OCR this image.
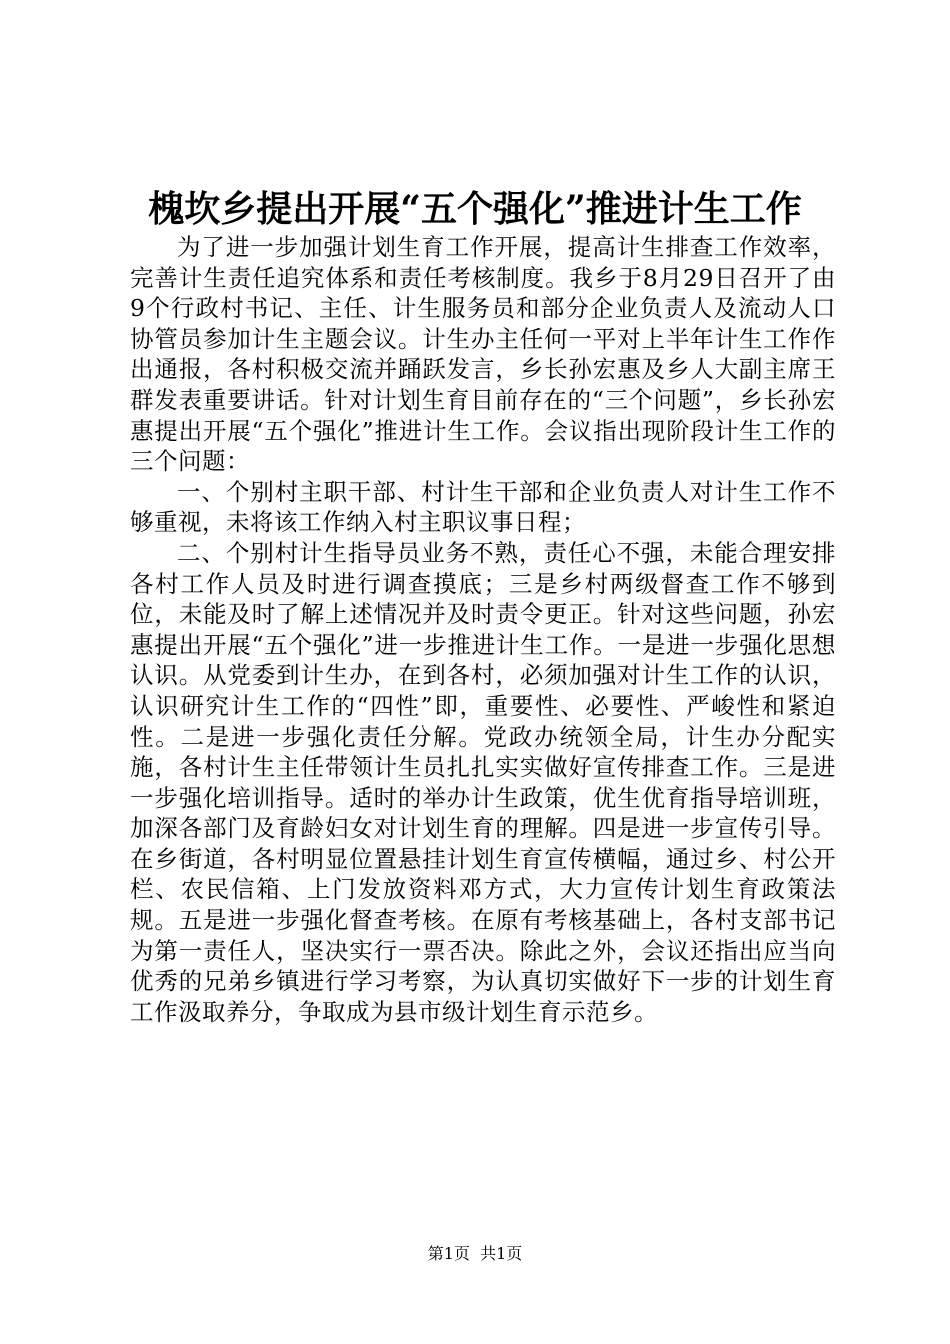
槐坎乡提出开展“五个强化”推进计生工作

为了进一步加强计划生育工作开展，提高计生排查工作效率，完善计生责任追究体系和责任考核制度。我乡于8月29日召开了由9个行政村书记、主任、计生服务员和部分企业负责人及流动人口协管员参加计生主题会议。计生办主任何一平对上半年计生工作作出通报，各村积极交流并踊跃发言，乡长孙宏惠及乡人大副主席王群发表重要讲话。针对计划生育目前存在的“三个问题”，乡长孙宏惠提出开展“五个强化”推进计生工作。会议指出现阶段计生工作的三个问题：

一、个别村主职干部、村计生干部和企业负责人对计生工作不够重视，未将该工作纳入村主职议事日程；

二、个别村计生指导员业务不熟，责任心不强，未能合理安排各村工作人员及时进行调查摸底；三是乡村两级督查工作不够到位，未能及时了解上述情况并及时责令更正。针对这些问题，孙宏惠提出开展“五个强化”进一步推进计生工作。一是进一步强化思想认识。从党委到计生办，在到各村，必须加强对计生工作的认识，认识研究计生工作的“四性”即，重要性、必要性、严峻性和紧迫性。二是进一步强化责任分解。党政办统领全局，计生办分配实施，各村计生主任带领计生员扎扎实实做好宣传排查工作。三是进一步强化培训指导。适时的举办计生政策，优生优育指导培训班，加深各部门及育龄妇女对计划生育的理解。四是进一步宣传引导。在乡街道，各村明显位置悬挂计划生育宣传横幅，通过乡、村公开栏、农民信箱、上门发放资料邓方式，大力宣传计划生育政策法规。五是进一步强化督查考核。在原有考核基础上，各村支部书记为第一责任人，坚决实行一票否决。除此之外，会议还指出应当向优秀的兄弟乡镇进行学习考察，为认真切实做好下一步的计划生育工作汲取养分，争取成为县市级计划生育示范乡。

第1页 共1页
